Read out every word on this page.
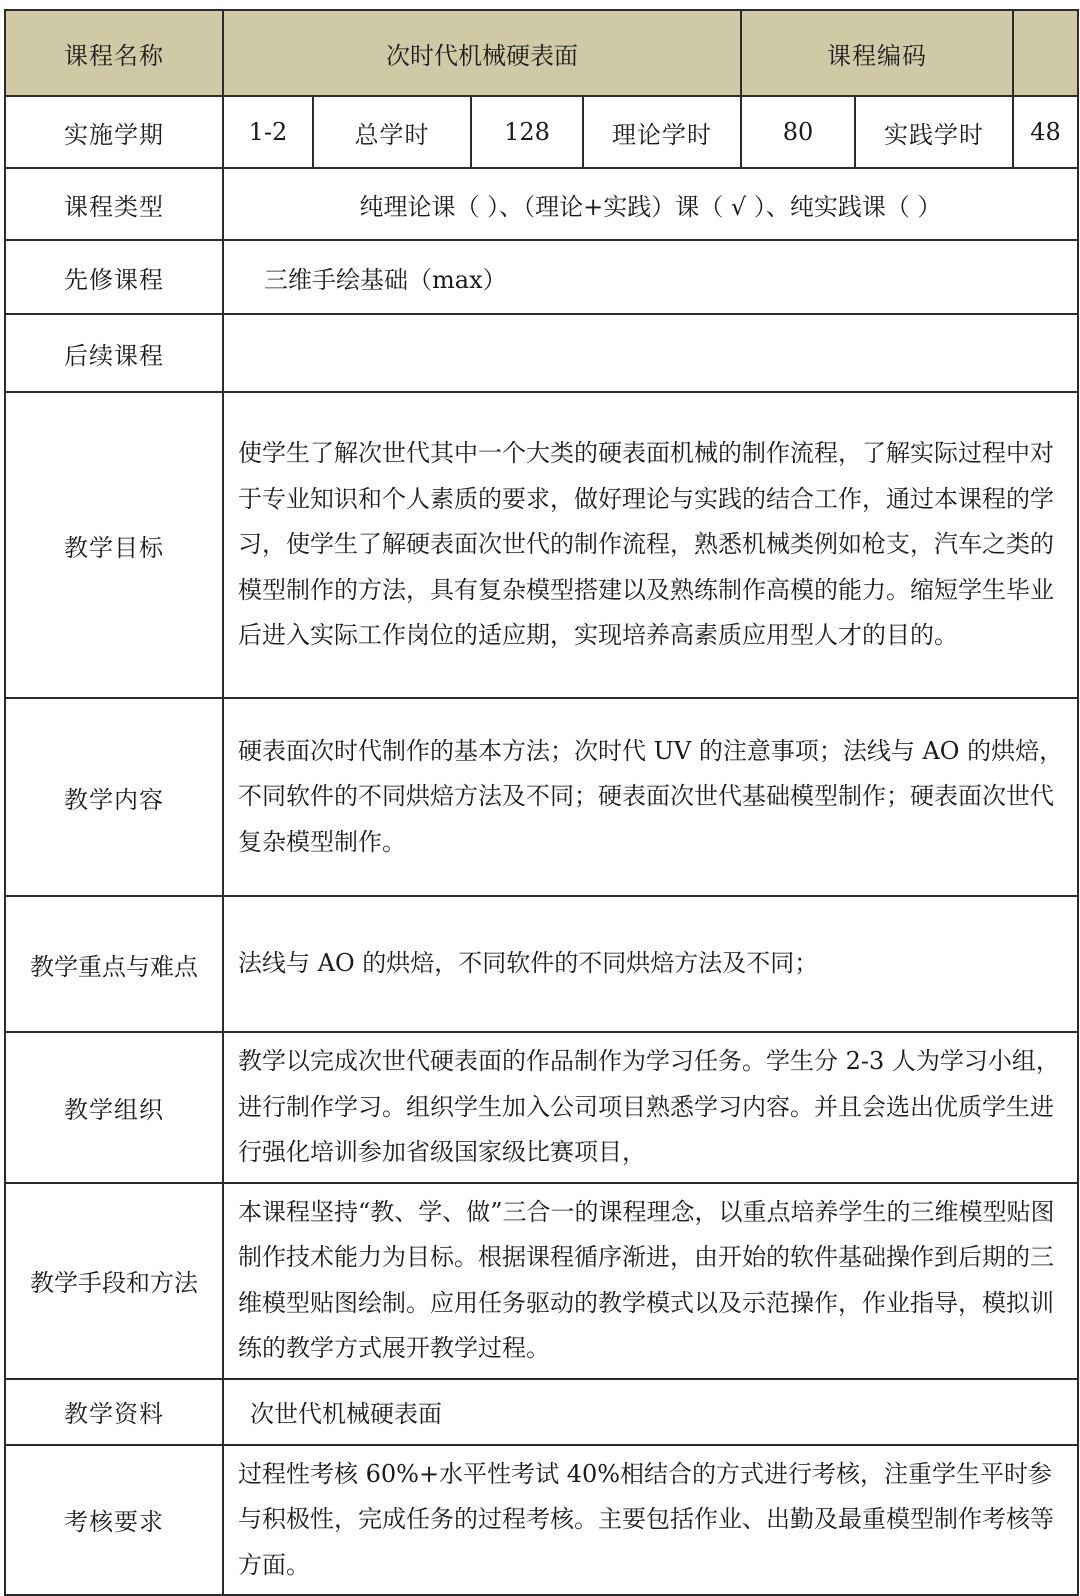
课程名称	次时代机械硬表面				课程编码		
实施学期	1-2	总学时	128	理论学时	80	实践学时	48
课程类型	纯理论课（ ）、（理论+实践）课（ √ ）、纯实践课（ ）						
先修课程	三维手绘基础（max）						
后续课程							
教学目标	使学生了解次世代其中一个大类的硬表面机械的制作流程，了解实际过程中对于专业知识和个人素质的要求，做好理论与实践的结合工作，通过本课程的学习，使学生了解硬表面次世代的制作流程，熟悉机械类例如枪支，汽车之类的模型制作的方法，具有复杂模型搭建以及熟练制作高模的能力。缩短学生毕业后进入实际工作岗位的适应期，实现培养高素质应用型人才的目的。						
教学内容	硬表面次时代制作的基本方法；次时代 UV 的注意事项；法线与 AO 的烘焙，不同软件的不同烘焙方法及不同；硬表面次世代基础模型制作；硬表面次世代复杂模型制作。						
教学重点与难点	法线与 AO 的烘焙，不同软件的不同烘焙方法及不同；						
教学组织	教学以完成次世代硬表面的作品制作为学习任务。学生分 2-3 人为学习小组，进行制作学习。组织学生加入公司项目熟悉学习内容。并且会选出优质学生进行强化培训参加省级国家级比赛项目，						
教学手段和方法	本课程坚持“教、学、做”三合一的课程理念，以重点培养学生的三维模型贴图制作技术能力为目标。根据课程循序渐进，由开始的软件基础操作到后期的三维模型贴图绘制。应用任务驱动的教学模式以及示范操作，作业指导，模拟训练的教学方式展开教学过程。						
教学资料	次世代机械硬表面						
考核要求	过程性考核 60%+水平性考试 40%相结合的方式进行考核，注重学生平时参与积极性，完成任务的过程考核。主要包括作业、出勤及最重模型制作考核等方面。						
